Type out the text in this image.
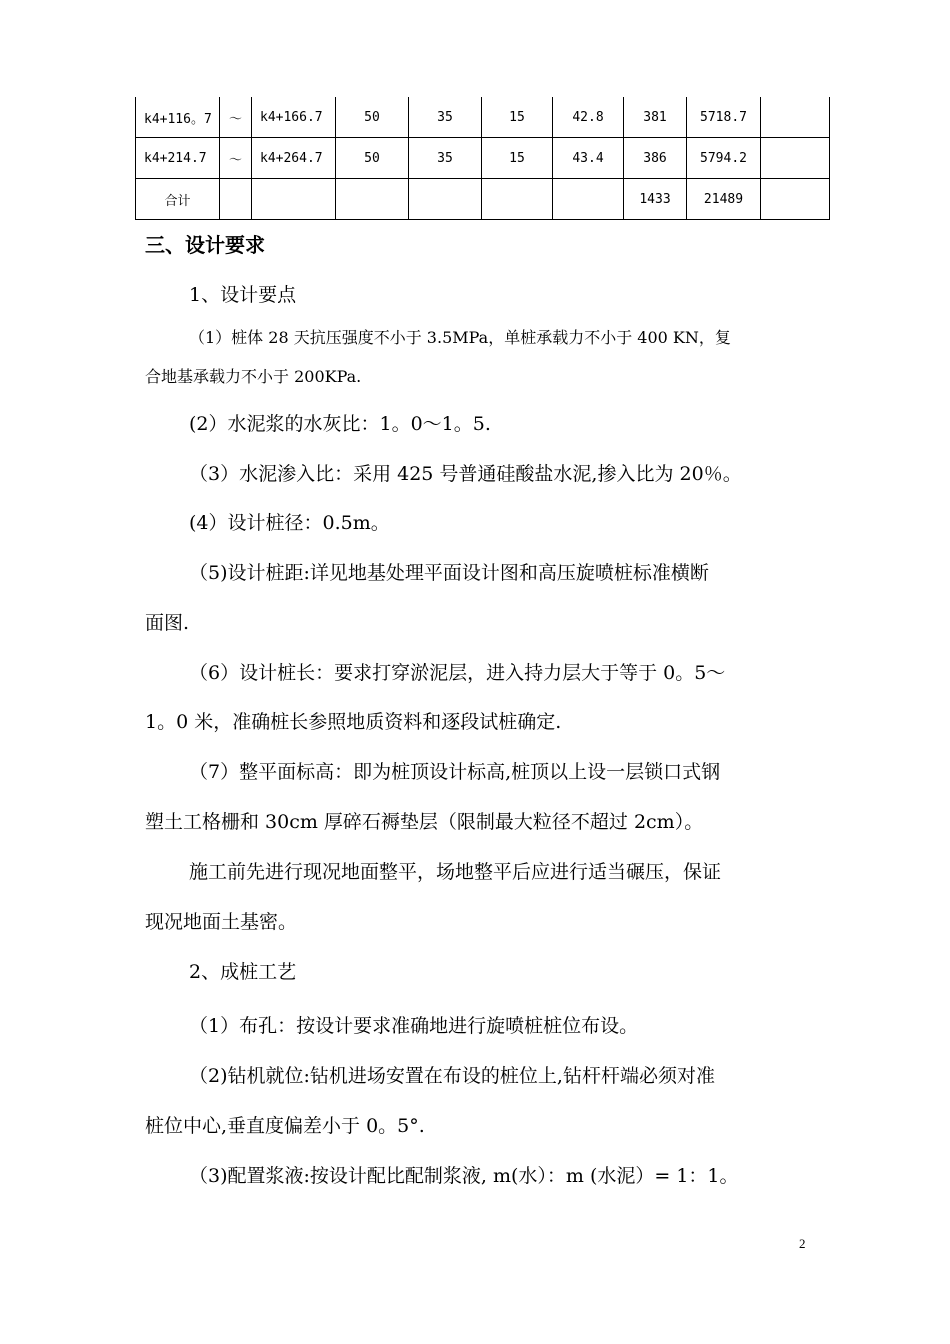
k4+116。7	～	k4+166.7	50	35	15	42.8	381	5718.7	
k4+214.7	～	k4+264.7	50	35	15	43.4	386	5794.2	
合计							1433	21489	
三、设计要求
1、设计要点
（1）桩体 28 天抗压强度不小于 3.5MPa，单桩承载力不小于 400 KN，复
合地基承载力不小于 200KPa.
(2）水泥浆的水灰比：1。0～1。5.
（3）水泥渗入比：采用 425 号普通硅酸盐水泥,掺入比为 20％。
(4）设计桩径：0.5m。
（5)设计桩距:详见地基处理平面设计图和高压旋喷桩标准横断
面图.
（6）设计桩长：要求打穿淤泥层，进入持力层大于等于 0。5～
1。0 米，准确桩长参照地质资料和逐段试桩确定.
（7）整平面标高：即为桩顶设计标高,桩顶以上设一层锁口式钢
塑土工格栅和 30cm 厚碎石褥垫层（限制最大粒径不超过 2cm）。
施工前先进行现况地面整平，场地整平后应进行适当碾压，保证
现况地面土基密。
2、成桩工艺
（1）布孔：按设计要求准确地进行旋喷桩桩位布设。
（2)钻机就位:钻机进场安置在布设的桩位上,钻杆杆端必须对准
桩位中心,垂直度偏差小于 0。5°.
（3)配置浆液:按设计配比配制浆液, m(水）：m (水泥）= 1：1。
2
